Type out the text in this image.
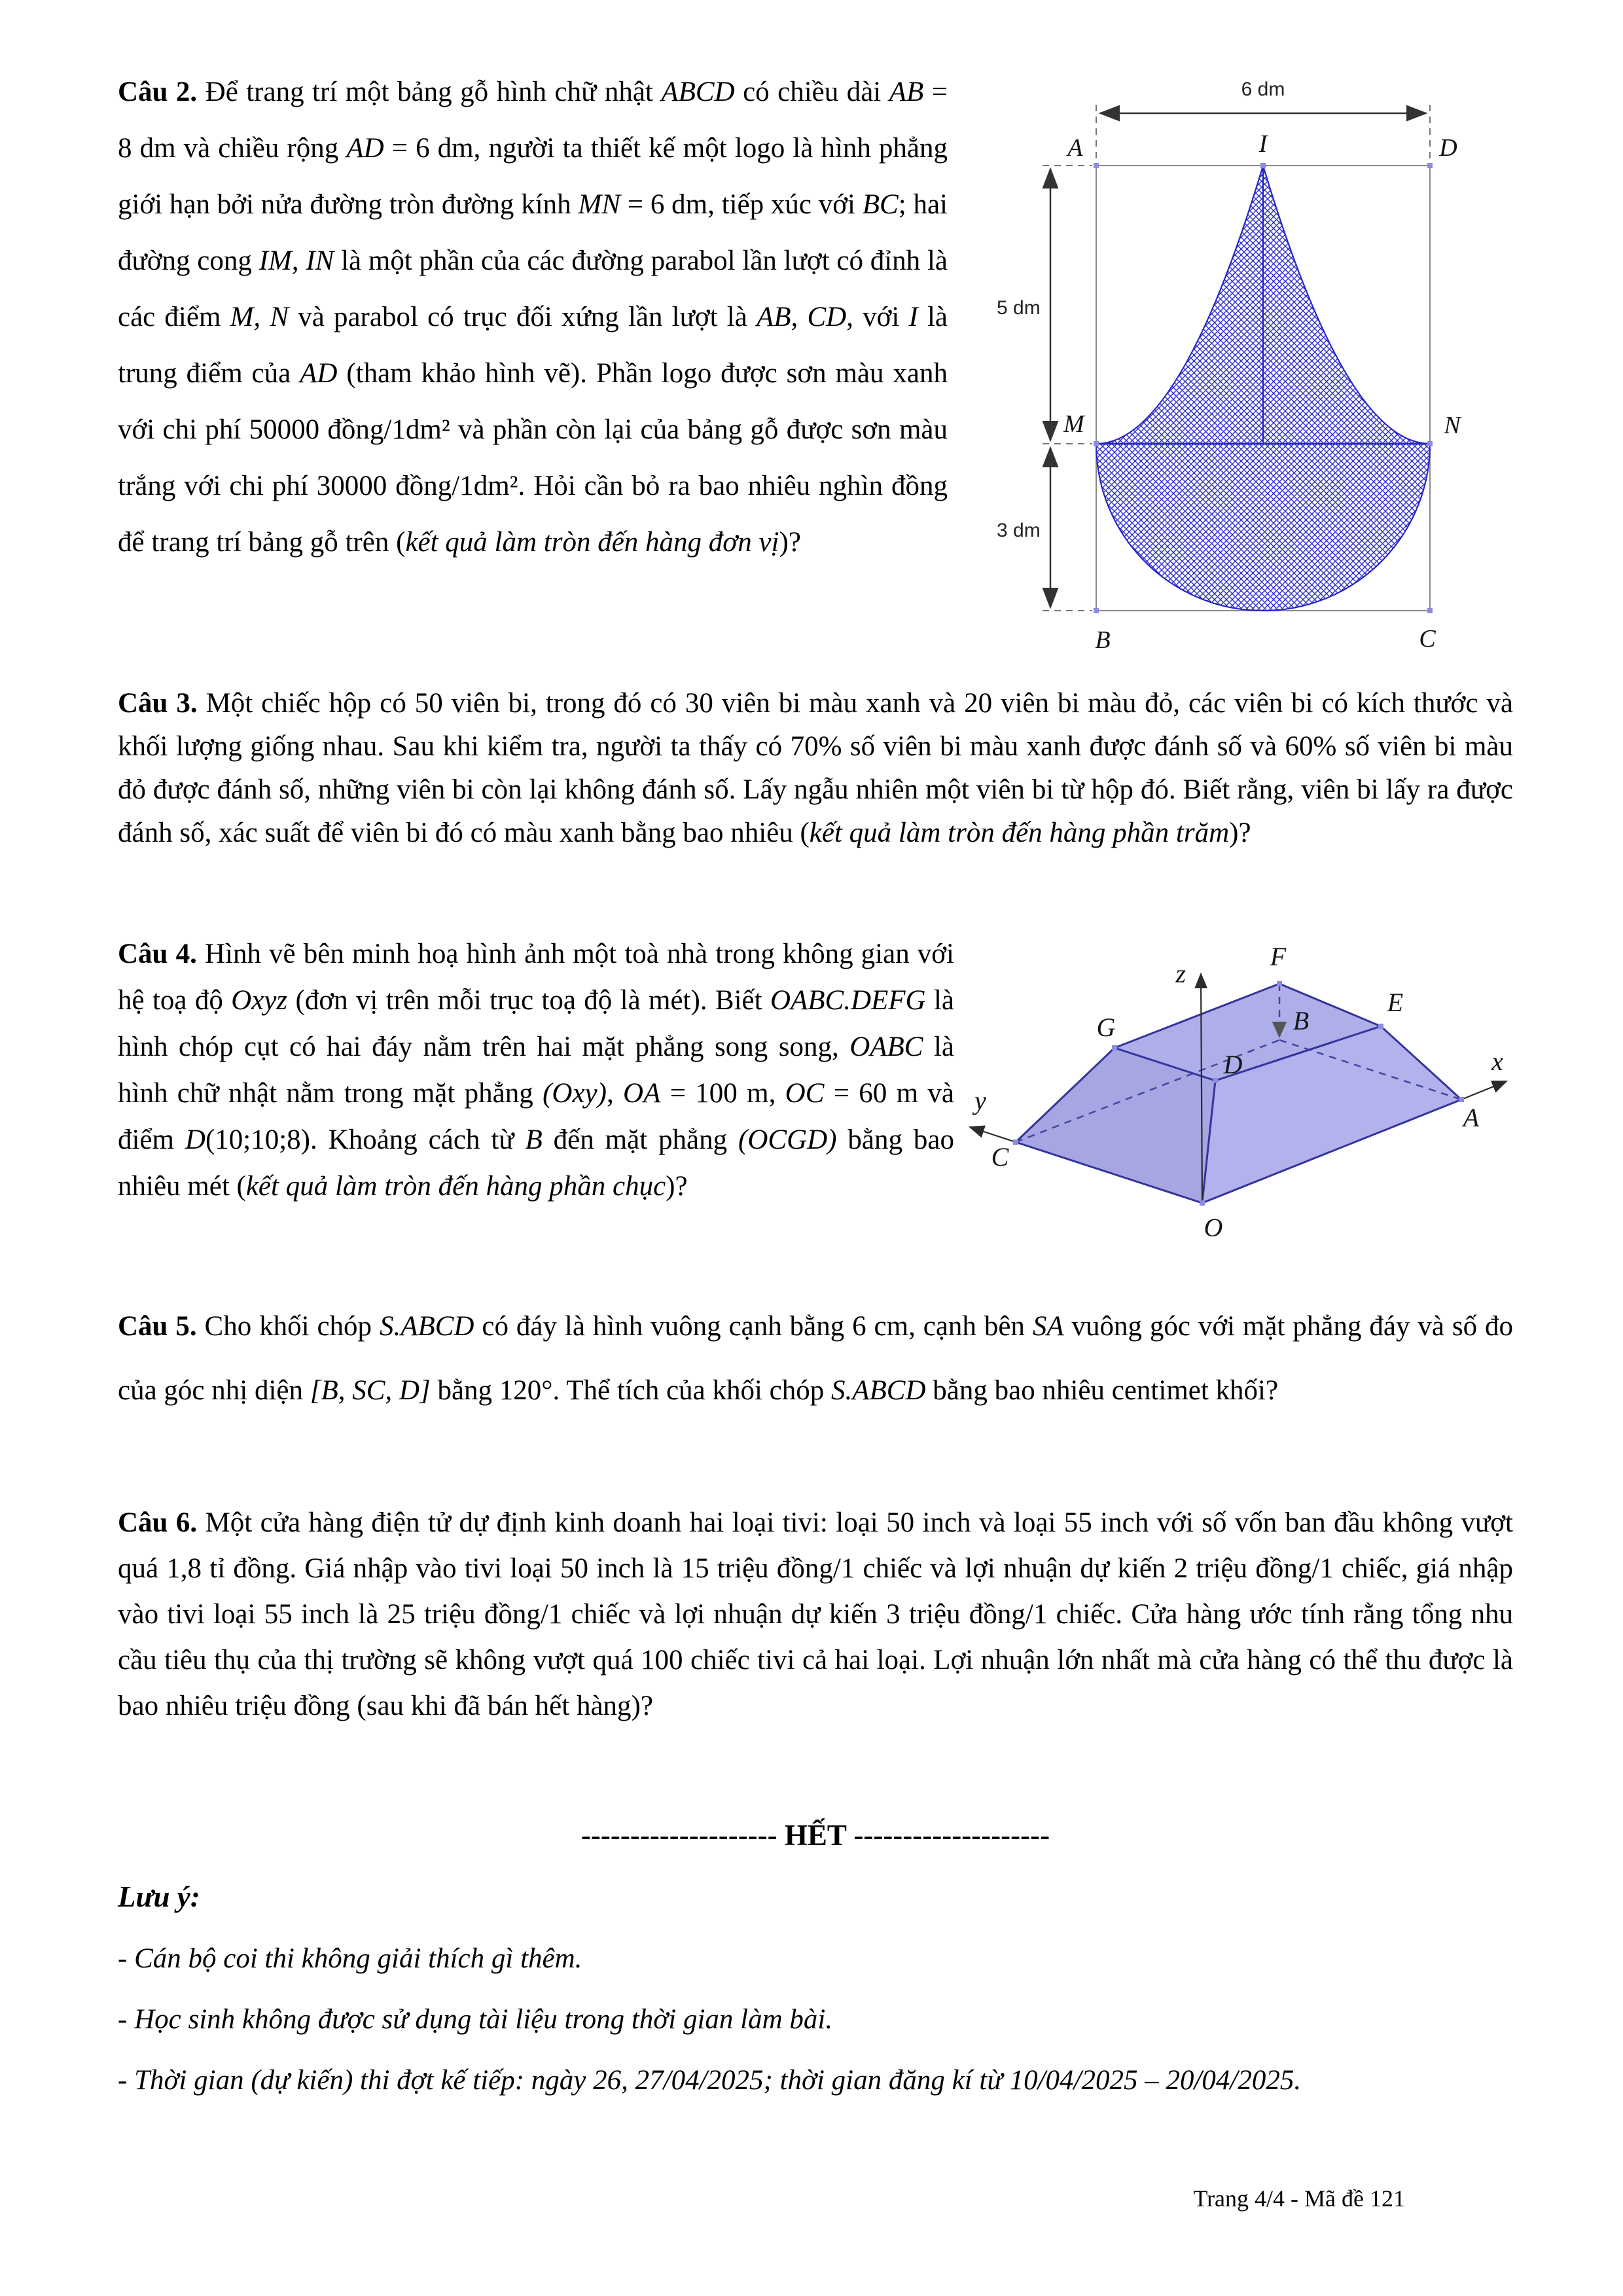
Câu 2. Để trang trí một bảng gỗ hình chữ nhật ABCD có chiều dài AB = 8 dm và chiều rộng AD = 6 dm, người ta thiết kế một logo là hình phẳng giới hạn bởi nửa đường tròn đường kính MN = 6 dm, tiếp xúc với BC; hai đường cong IM, IN là một phần của các đường parabol lần lượt có đỉnh là các điểm M, N và parabol có trục đối xứng lần lượt là AB, CD, với I là trung điểm của AD (tham khảo hình vẽ). Phần logo được sơn màu xanh với chi phí 50000 đồng/1dm² và phần còn lại của bảng gỗ được sơn màu trắng với chi phí 30000 đồng/1dm². Hỏi cần bỏ ra bao nhiêu nghìn đồng để trang trí bảng gỗ trên (kết quả làm tròn đến hàng đơn vị)?

6 dm
5 dm
3 dm
A	I	D
M	N
B	C

Câu 3. Một chiếc hộp có 50 viên bi, trong đó có 30 viên bi màu xanh và 20 viên bi màu đỏ, các viên bi có kích thước và khối lượng giống nhau. Sau khi kiểm tra, người ta thấy có 70% số viên bi màu xanh được đánh số và 60% số viên bi màu đỏ được đánh số, những viên bi còn lại không đánh số. Lấy ngẫu nhiên một viên bi từ hộp đó. Biết rằng, viên bi lấy ra được đánh số, xác suất để viên bi đó có màu xanh bằng bao nhiêu (kết quả làm tròn đến hàng phần trăm)?

Câu 4. Hình vẽ bên minh hoạ hình ảnh một toà nhà trong không gian với hệ toạ độ Oxyz (đơn vị trên mỗi trục toạ độ là mét). Biết OABC.DEFG là hình chóp cụt có hai đáy nằm trên hai mặt phẳng song song, OABC là hình chữ nhật nằm trong mặt phẳng (Oxy), OA = 100 m, OC = 60 m và điểm D(10;10;8). Khoảng cách từ B đến mặt phẳng (OCGD) bằng bao nhiêu mét (kết quả làm tròn đến hàng phần chục)?

z
x
y
F
E
B
G
D
A
C
O

Câu 5. Cho khối chóp S.ABCD có đáy là hình vuông cạnh bằng 6 cm, cạnh bên SA vuông góc với mặt phẳng đáy và số đo của góc nhị diện [B, SC, D] bằng 120°. Thể tích của khối chóp S.ABCD bằng bao nhiêu centimet khối?

Câu 6. Một cửa hàng điện tử dự định kinh doanh hai loại tivi: loại 50 inch và loại 55 inch với số vốn ban đầu không vượt quá 1,8 tỉ đồng. Giá nhập vào tivi loại 50 inch là 15 triệu đồng/1 chiếc và lợi nhuận dự kiến 2 triệu đồng/1 chiếc, giá nhập vào tivi loại 55 inch là 25 triệu đồng/1 chiếc và lợi nhuận dự kiến 3 triệu đồng/1 chiếc. Cửa hàng ước tính rằng tổng nhu cầu tiêu thụ của thị trường sẽ không vượt quá 100 chiếc tivi cả hai loại. Lợi nhuận lớn nhất mà cửa hàng có thể thu được là bao nhiêu triệu đồng (sau khi đã bán hết hàng)?

-------------------- HẾT --------------------

Lưu ý:

- Cán bộ coi thi không giải thích gì thêm.

- Học sinh không được sử dụng tài liệu trong thời gian làm bài.

- Thời gian (dự kiến) thi đợt kế tiếp: ngày 26, 27/04/2025; thời gian đăng kí từ 10/04/2025 – 20/04/2025.

Trang 4/4 - Mã đề 121
